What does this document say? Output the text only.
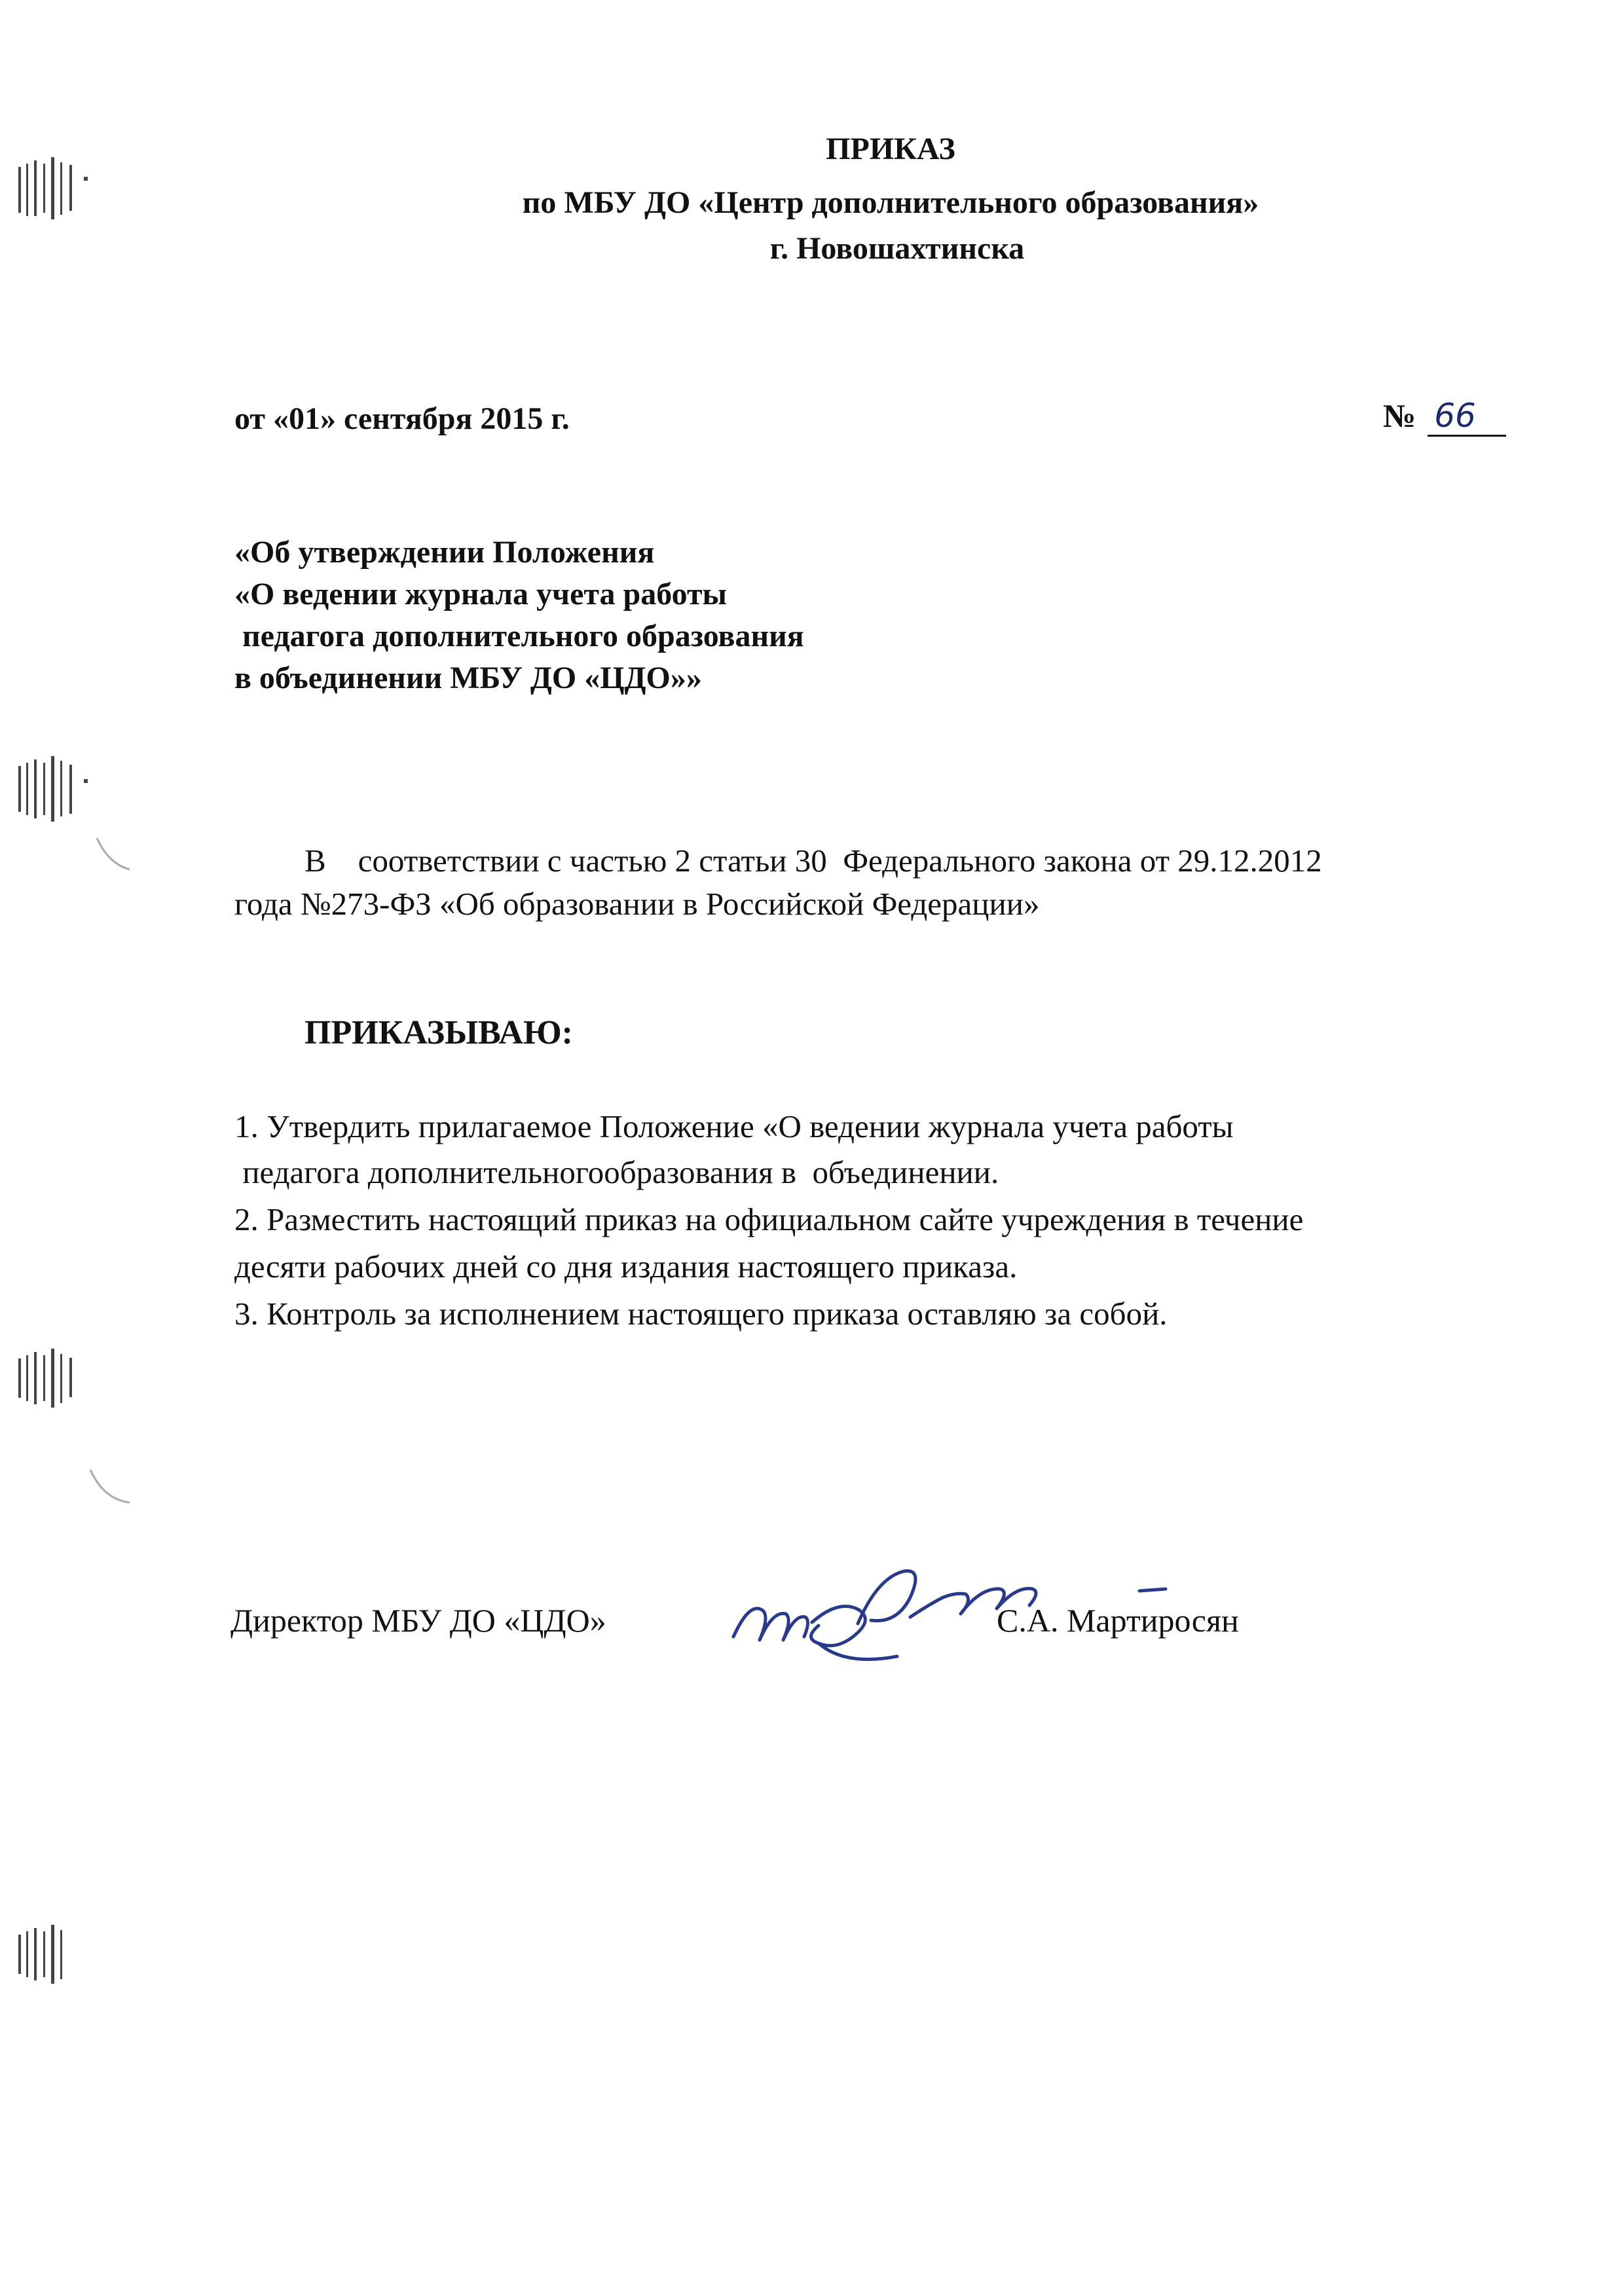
ПРИКАЗ
по МБУ ДО «Центр дополнительного образования»
г. Новошахтинска
от «01» сентября 2015 г.	№ 66
«Об утверждении Положения
«О ведении журнала учета работы
педагога дополнительного образования
в объединении МБУ ДО «ЦДО»»
В    соответствии с частью 2 статьи 30  Федерального закона от 29.12.2012
года №273-ФЗ «Об образовании в Российской Федерации»
ПРИКАЗЫВАЮ:
1. Утвердить прилагаемое Положение «О ведении журнала учета работы
педагога дополнительногообразования в  объединении.
2. Разместить настоящий приказ на официальном сайте учреждения в течение
десяти рабочих дней со дня издания настоящего приказа.
3. Контроль за исполнением настоящего приказа оставляю за собой.
Директор МБУ ДО «ЦДО»	С.А. Мартиросян
